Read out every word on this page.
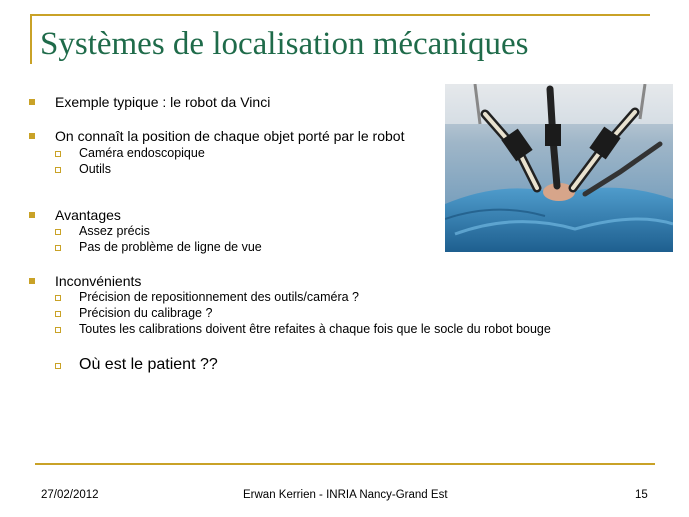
Systèmes de localisation mécaniques
Exemple typique : le robot da Vinci
On connaît la position de chaque objet porté par le robot
Caméra endoscopique
Outils
Avantages
Assez précis
Pas de problème de ligne de vue
Inconvénients
Précision de repositionnement des outils/caméra ?
Précision du calibrage ?
Toutes les calibrations doivent être refaites à chaque fois que le socle du robot bouge
Où est le patient ??
27/02/2012	Erwan Kerrien - INRIA Nancy-Grand Est	15
